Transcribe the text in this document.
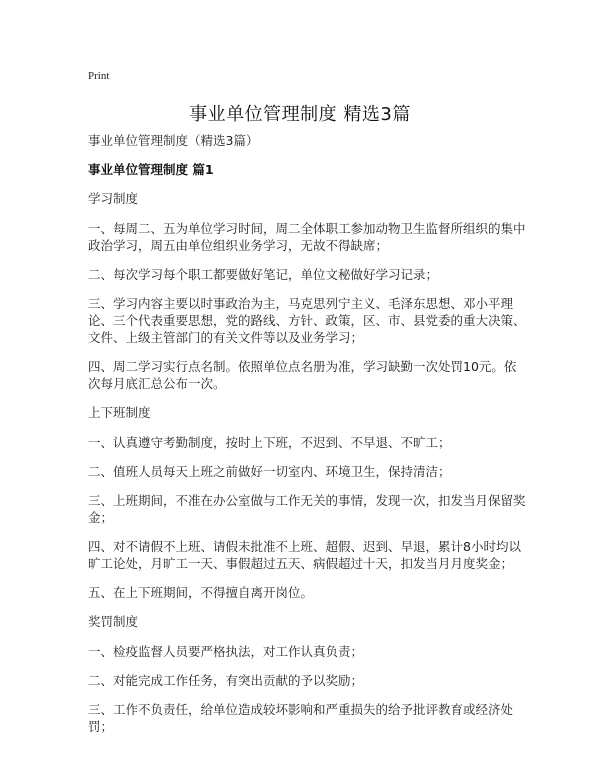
Print
事业单位管理制度 精选3篇

事业单位管理制度（精选3篇）

事业单位管理制度 篇1

学习制度

一、每周二、五为单位学习时间，周二全体职工参加动物卫生监督所组织的集中政治学习，周五由单位组织业务学习，无故不得缺席；

二、每次学习每个职工都要做好笔记，单位文秘做好学习记录；

三、学习内容主要以时事政治为主，马克思列宁主义、毛泽东思想、邓小平理论、三个代表重要思想，党的路线、方针、政策，区、市、县党委的重大决策、文件、上级主管部门的有关文件等以及业务学习；

四、周二学习实行点名制。依照单位点名册为准，学习缺勤一次处罚10元。依次每月底汇总公布一次。

上下班制度

一、认真遵守考勤制度，按时上下班，不迟到、不早退、不旷工；

二、值班人员每天上班之前做好一切室内、环境卫生，保持清洁；

三、上班期间，不准在办公室做与工作无关的事情，发现一次，扣发当月保留奖金；

四、对不请假不上班、请假未批准不上班、超假、迟到、早退，累计8小时均以旷工论处，月旷工一天、事假超过五天、病假超过十天，扣发当月月度奖金；

五、在上下班期间，不得擅自离开岗位。

奖罚制度

一、检疫监督人员要严格执法，对工作认真负责；

二、对能完成工作任务，有突出贡献的予以奖励；

三、工作不负责任，给单位造成较坏影响和严重损失的给予批评教育或经济处罚；
